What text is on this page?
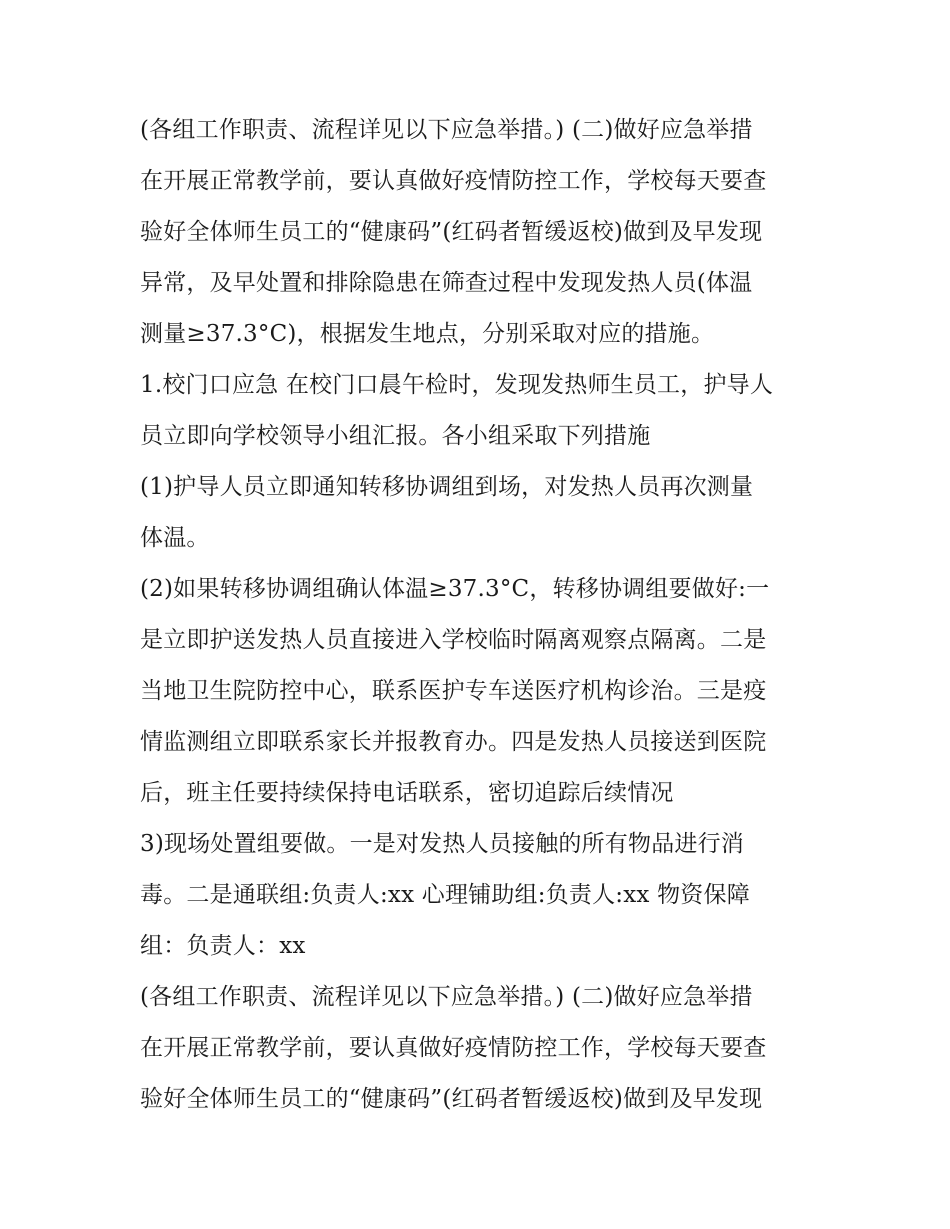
(各组工作职责、流程详见以下应急举措。) (二)做好应急举措
在开展正常教学前，要认真做好疫情防控工作，学校每天要查
验好全体师生员工的“健康码”(红码者暂缓返校)做到及早发现
异常，及早处置和排除隐患在筛查过程中发现发热人员(体温
测量≥37.3°C)，根据发生地点，分别采取对应的措施。
1.校门口应急 在校门口晨午检时，发现发热师生员工，护导人
员立即向学校领导小组汇报。各小组采取下列措施
(1)护导人员立即通知转移协调组到场，对发热人员再次测量
体温。
(2)如果转移协调组确认体温≥37.3°C，转移协调组要做好:一
是立即护送发热人员直接进入学校临时隔离观察点隔离。二是
当地卫生院防控中心，联系医护专车送医疗机构诊治。三是疫
情监测组立即联系家长并报教育办。四是发热人员接送到医院
后，班主任要持续保持电话联系，密切追踪后续情况
3)现场处置组要做。一是对发热人员接触的所有物品进行消
毒。二是通联组:负责人:xx 心理铺助组:负责人:xx 物资保障
组：负责人：xx
(各组工作职责、流程详见以下应急举措。) (二)做好应急举措
在开展正常教学前，要认真做好疫情防控工作，学校每天要查
验好全体师生员工的“健康码”(红码者暂缓返校)做到及早发现
